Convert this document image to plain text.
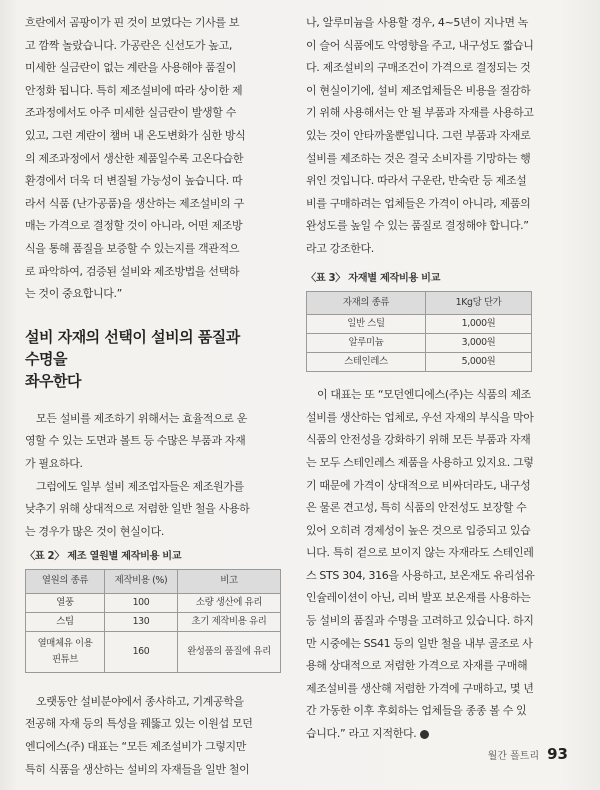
흐란에서 곰팡이가 핀 것이 보였다는 기사를 보

고 깜짝 놀랐습니다. 가공란은 신선도가 높고,

미세한 실금란이 없는 계란을 사용해야 품질이

안정화 됩니다. 특히 제조설비에 따라 상이한 제

조과정에서도 아주 미세한 실금란이 발생할 수

있고, 그런 계란이 챔버 내 온도변화가 심한 방식

의 제조과정에서 생산한 제품일수록 고온다습한

환경에서 더욱 더 변질될 가능성이 높습니다. 따

라서 식품 (난가공품)을 생산하는 제조설비의 구

매는 가격으로 결정할 것이 아니라, 어떤 제조방

식을 통해 품질을 보증할 수 있는지를 객관적으

로 파악하여, 검증된 설비와 제조방법을 선택하

는 것이 중요합니다.”

설비 자재의 선택이 설비의 품질과 수명을
좌우한다

모든 설비를 제조하기 위해서는 효율적으로 운

영할 수 있는 도면과 볼트 등 수많은 부품과 자재

가 필요하다.

그럼에도 일부 설비 제조업자들은 제조원가를

낮추기 위해 상대적으로 저렴한 일반 철을 사용하

는 경우가 많은 것이 현실이다.

〈표 2〉 제조 열원별 제작비용 비교
열원의 종류	제작비용 (%)	비고
열풍	100	소량 생산에 유리
스팀	130	초기 제작비용 유리
열매체유 이용 핀튜브	160	완성품의 품질에 유리

오랫동안 설비분야에서 종사하고, 기계공학을

전공해 자재 등의 특성을 꿰뚫고 있는 이원섭 모던

엔디에스(주) 대표는 “모든 제조설비가 그렇지만

특히 식품을 생산하는 설비의 자재들을 일반 철이

나, 알루미늄을 사용할 경우, 4~5년이 지나면 녹

이 슬어 식품에도 악영향을 주고, 내구성도 짧습니

다. 제조설비의 구매조건이 가격으로 결정되는 것

이 현실이기에, 설비 제조업체들은 비용을 절감하

기 위해 사용해서는 안 될 부품과 자재를 사용하고

있는 것이 안타까울뿐입니다. 그런 부품과 자재로

설비를 제조하는 것은 결국 소비자를 기망하는 행

위인 것입니다. 따라서 구운란, 반숙란 등 제조설

비를 구매하려는 업체들은 가격이 아니라, 제품의

완성도를 높일 수 있는 품질로 결정해야 합니다.”

라고 강조한다.

〈표 3〉 자재별 제작비용 비교
자재의 종류	1Kg당 단가
일반 스틸	1,000원
알루미늄	3,000원
스테인레스	5,000원

이 대표는 또 “모던엔디에스(주)는 식품의 제조

설비를 생산하는 업체로, 우선 자재의 부식을 막아

식품의 안전성을 강화하기 위해 모든 부품과 자재

는 모두 스테인레스 제품을 사용하고 있지요. 그렇

기 때문에 가격이 상대적으로 비싸더라도, 내구성

은 물론 견고성, 특히 식품의 안전성도 보장할 수

있어 오히려 경제성이 높은 것으로 입증되고 있습

니다. 특히 겉으로 보이지 않는 자재라도 스테인레

스 STS 304, 316을 사용하고, 보온재도 유리섬유

인슐레이션이 아닌, 리버 발포 보온재를 사용하는

등 설비의 품질과 수명을 고려하고 있습니다. 하지

만 시중에는 SS41 등의 일반 철을 내부 골조로 사

용해 상대적으로 저렴한 가격으로 자재를 구매해

제조설비를 생산해 저렴한 가격에 구매하고, 몇 년

간 가동한 이후 후회하는 업체들을 종종 볼 수 있

습니다.” 라고 지적한다.

월간 폴트리 93
